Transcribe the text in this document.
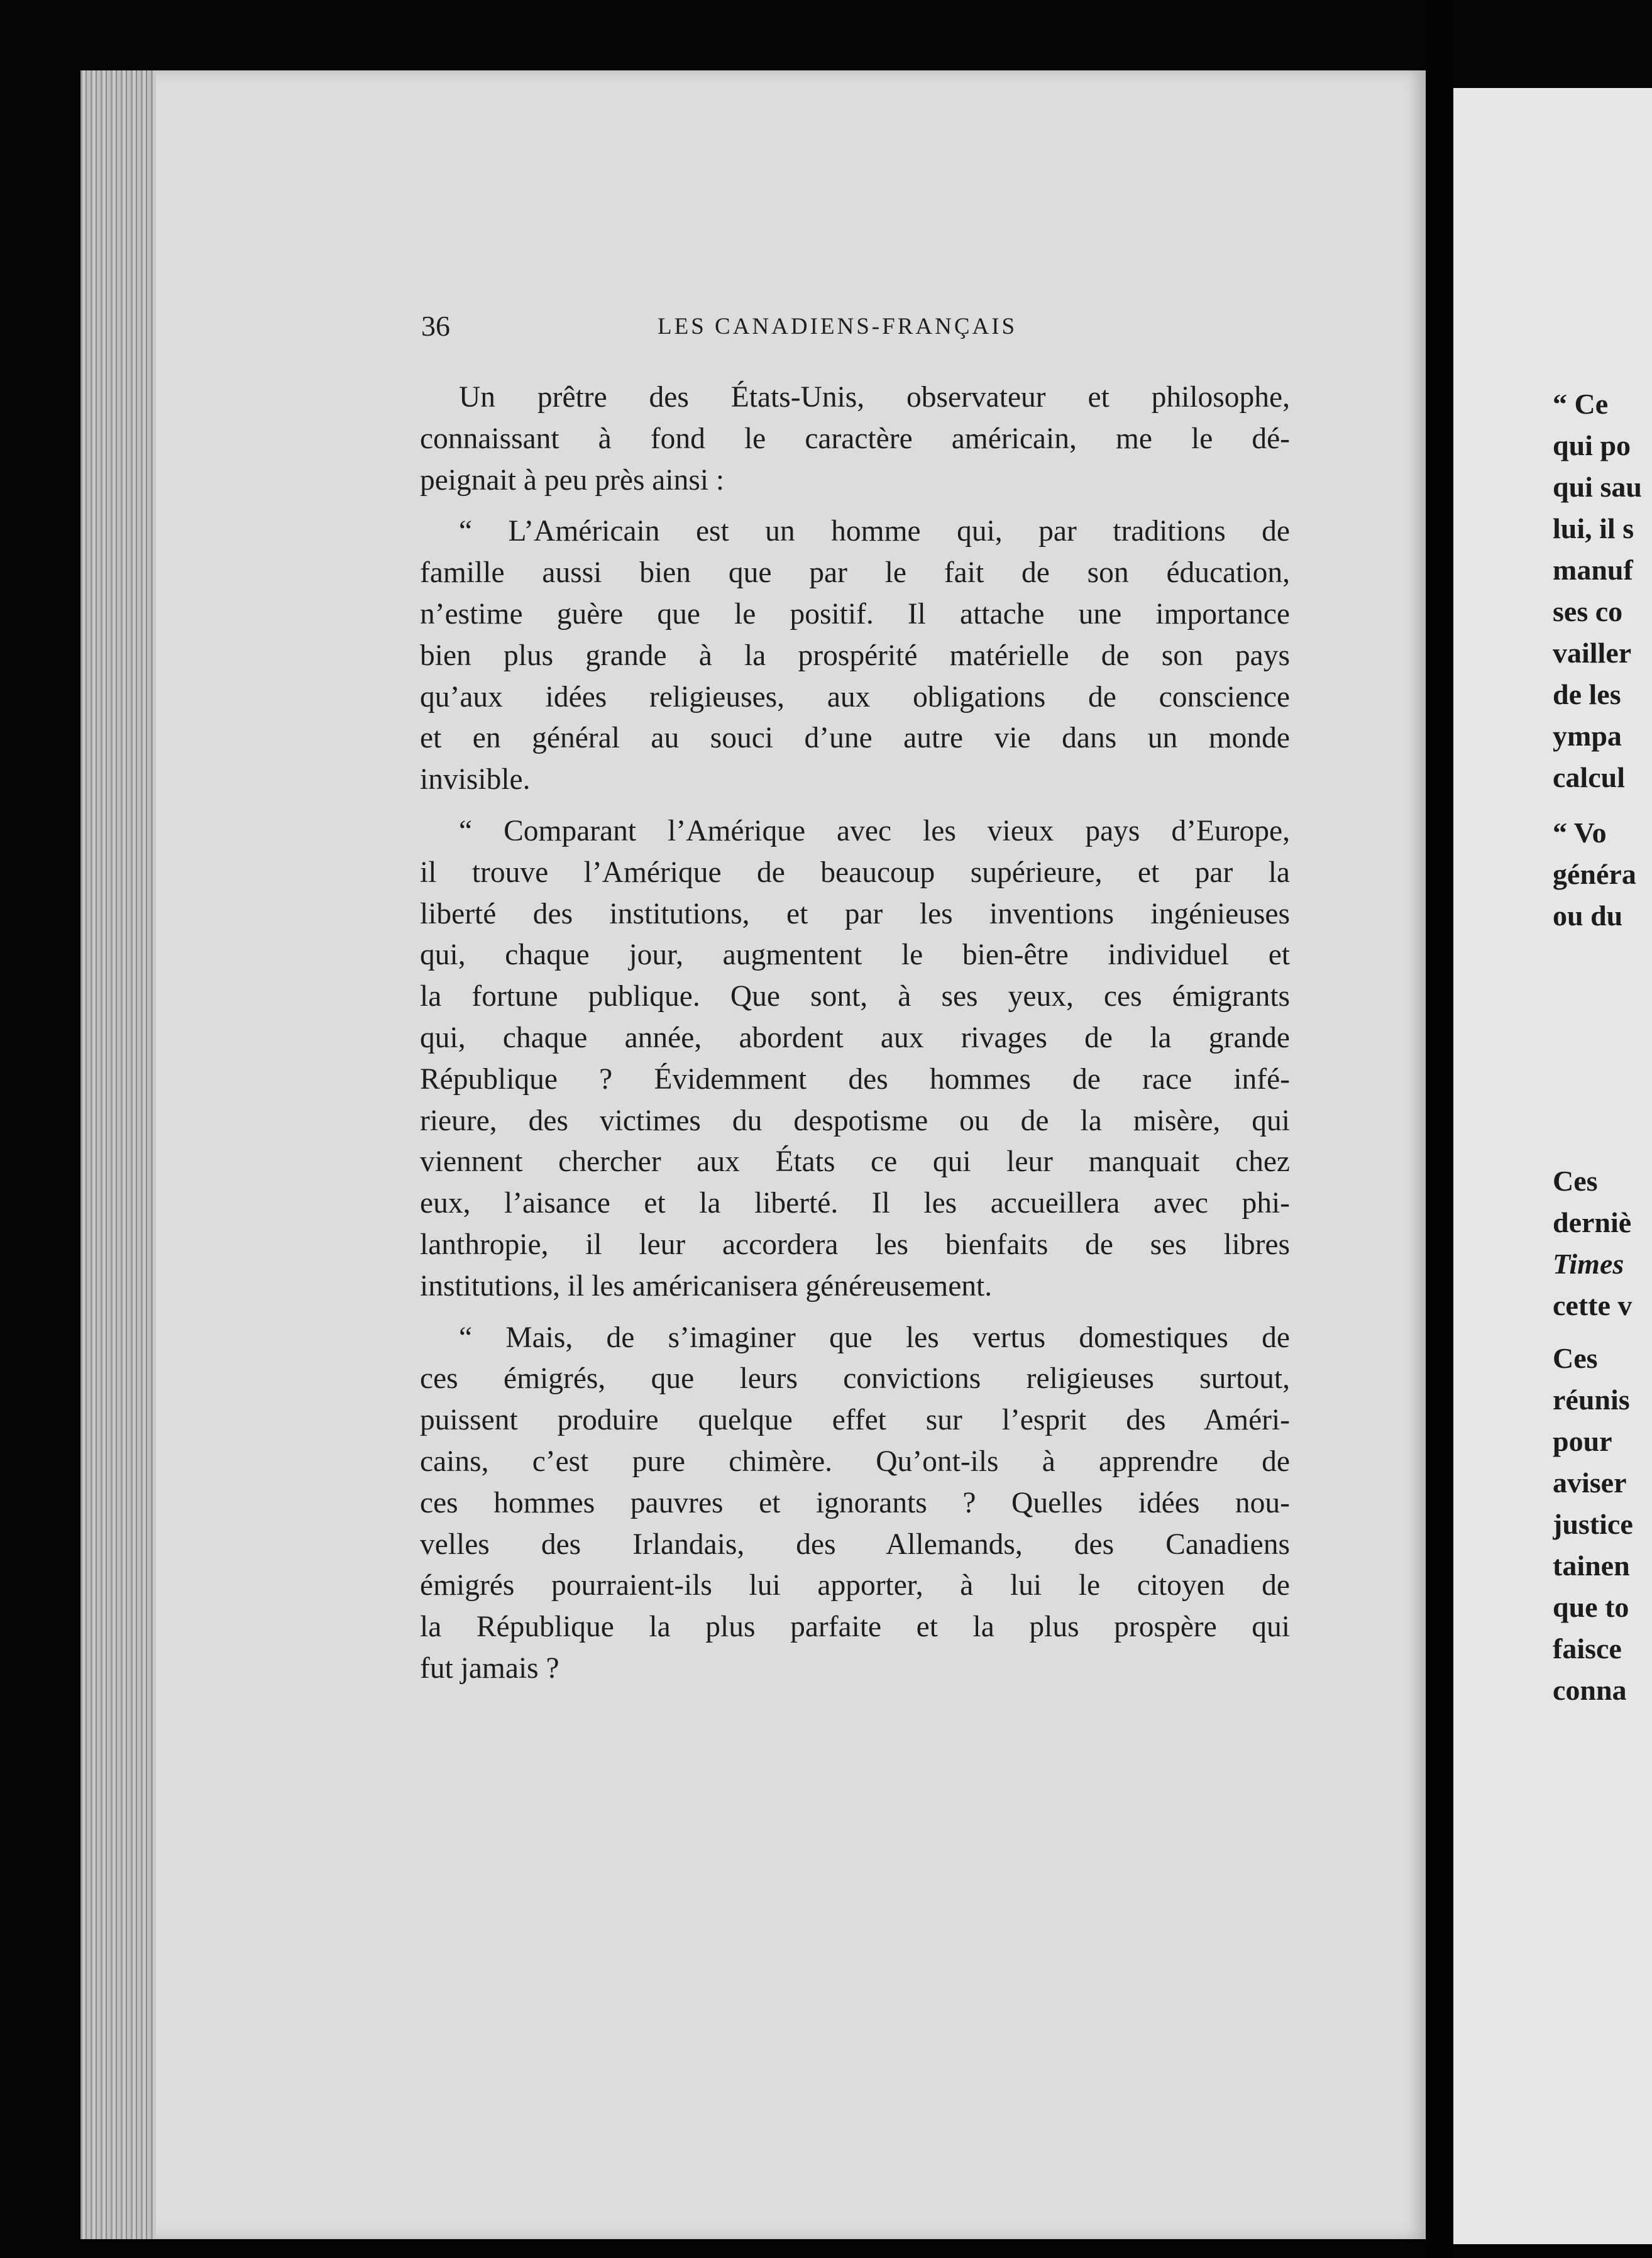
36	LES CANADIENS-FRANÇAIS
Un prêtre des États-Unis, observateur et philosophe,
connaissant à fond le caractère américain, me le dé-
peignait à peu près ainsi :
“ L’Américain est un homme qui, par traditions de
famille aussi bien que par le fait de son éducation,
n’estime guère que le positif. Il attache une importance
bien plus grande à la prospérité matérielle de son pays
qu’aux idées religieuses, aux obligations de conscience
et en général au souci d’une autre vie dans un monde
invisible.
“ Comparant l’Amérique avec les vieux pays d’Europe,
il trouve l’Amérique de beaucoup supérieure, et par la
liberté des institutions, et par les inventions ingénieuses
qui, chaque jour, augmentent le bien-être individuel et
la fortune publique. Que sont, à ses yeux, ces émigrants
qui, chaque année, abordent aux rivages de la grande
République ? Évidemment des hommes de race infé-
rieure, des victimes du despotisme ou de la misère, qui
viennent chercher aux États ce qui leur manquait chez
eux, l’aisance et la liberté. Il les accueillera avec phi-
lanthropie, il leur accordera les bienfaits de ses libres
institutions, il les américanisera généreusement.
“ Mais, de s’imaginer que les vertus domestiques de
ces émigrés, que leurs convictions religieuses surtout,
puissent produire quelque effet sur l’esprit des Améri-
cains, c’est pure chimère. Qu’ont-ils à apprendre de
ces hommes pauvres et ignorants ? Quelles idées nou-
velles des Irlandais, des Allemands, des Canadiens
émigrés pourraient-ils lui apporter, à lui le citoyen de
la République la plus parfaite et la plus prospère qui
fut jamais ?
“ Ce
qui po
qui sau
lui, il s
manuf
ses co
vailler
de les
ympa
calcul
“ Vo
généra
ou du
Ces
derniè
Times
cette v
Ces
réunis
pour
aviser
justice
tainen
que to
faisce
conna
